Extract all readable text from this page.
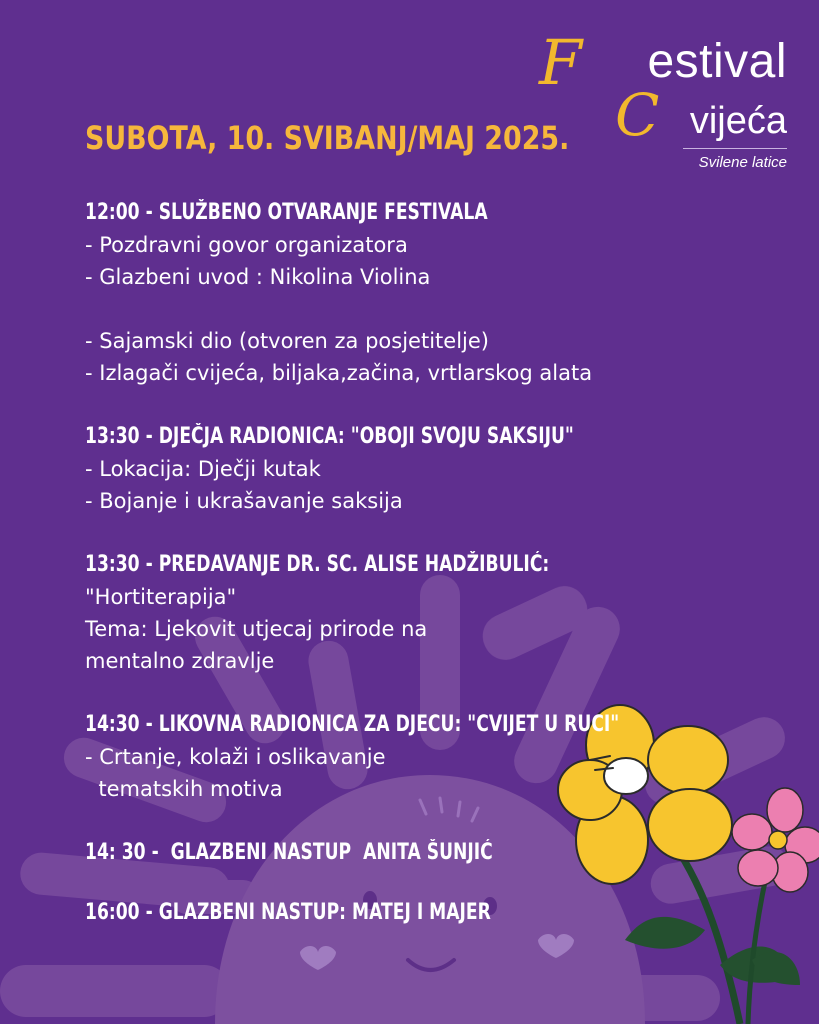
F estival
C vijeća
Svilene latice
SUBOTA, 10. SVIBANJ/MAJ 2025.
12:00 - SLUŽBENO OTVARANJE FESTIVALA
- Pozdravni govor organizatora
- Glazbeni uvod : Nikolina Violina
- Sajamski dio (otvoren za posjetitelje)
- Izlagači cvijeća, biljaka,začina, vrtlarskog alata
13:30 - DJEČJA RADIONICA: "OBOJI SVOJU SAKSIJU"
- Lokacija: Dječji kutak
- Bojanje i ukrašavanje saksija
13:30 - PREDAVANJE DR. SC. ALISE HADŽIBULIĆ:
"Hortiterapija"
Tema: Ljekovit utjecaj prirode na
mentalno zdravlje
14:30 - LIKOVNA RADIONICA ZA DJECU: "CVIJET U RUCI"
- Crtanje, kolaži i oslikavanje
tematskih motiva
14: 30 -  GLAZBENI NASTUP  ANITA ŠUNJIĆ
16:00 - GLAZBENI NASTUP: MATEJ I MAJER
